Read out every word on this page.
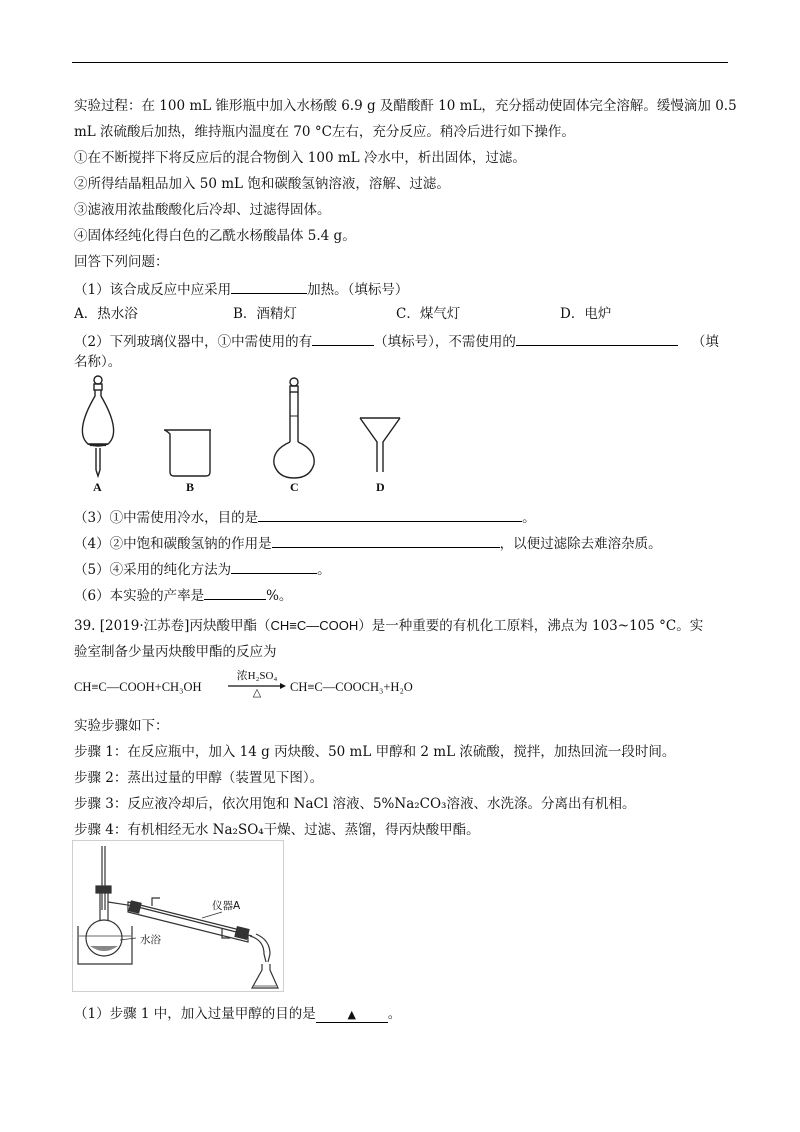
实验过程：在 100 mL 锥形瓶中加入水杨酸 6.9 g 及醋酸酐 10 mL，充分摇动使固体完全溶解。缓慢滴加 0.5
mL 浓硫酸后加热，维持瓶内温度在 70 °C左右，充分反应。稍冷后进行如下操作。
①在不断搅拌下将反应后的混合物倒入 100 mL 冷水中，析出固体，过滤。
②所得结晶粗品加入 50 mL 饱和碳酸氢钠溶液，溶解、过滤。
③滤液用浓盐酸酸化后冷却、过滤得固体。
④固体经纯化得白色的乙酰水杨酸晶体 5.4 g。
回答下列问题：
（1）该合成反应中应采用	加热。（填标号）
A．热水浴	B．酒精灯	C．煤气灯	D．电炉
（2）下列玻璃仪器中，①中需使用的有	（填标号），不需使用的	（填
名称）。
A	B	C	D
（3）①中需使用冷水，目的是	。
（4）②中饱和碳酸氢钠的作用是	，以便过滤除去难溶杂质。
（5）④采用的纯化方法为	。
（6）本实验的产率是	%。
39. [2019·江苏卷]丙炔酸甲酯（CH≡C—COOH）是一种重要的有机化工原料，沸点为 103~105 °C。实
验室制备少量丙炔酸甲酯的反应为
CH≡C—COOH+CH₃OH
浓H₂SO₄
△	CH≡C—COOCH₃+H₂O
实验步骤如下：
步骤 1：在反应瓶中，加入 14 g 丙炔酸、50 mL 甲醇和 2 mL 浓硫酸，搅拌，加热回流一段时间。
步骤 2：蒸出过量的甲醇（装置见下图）。
步骤 3：反应液冷却后，依次用饱和 NaCl 溶液、5%Na₂CO₃溶液、水洗涤。分离出有机相。
步骤 4：有机相经无水 Na₂SO₄干燥、过滤、蒸馏，得丙炔酸甲酯。
仪器A
水浴
（1）步骤 1 中，加入过量甲醇的目的是	▲ 。
